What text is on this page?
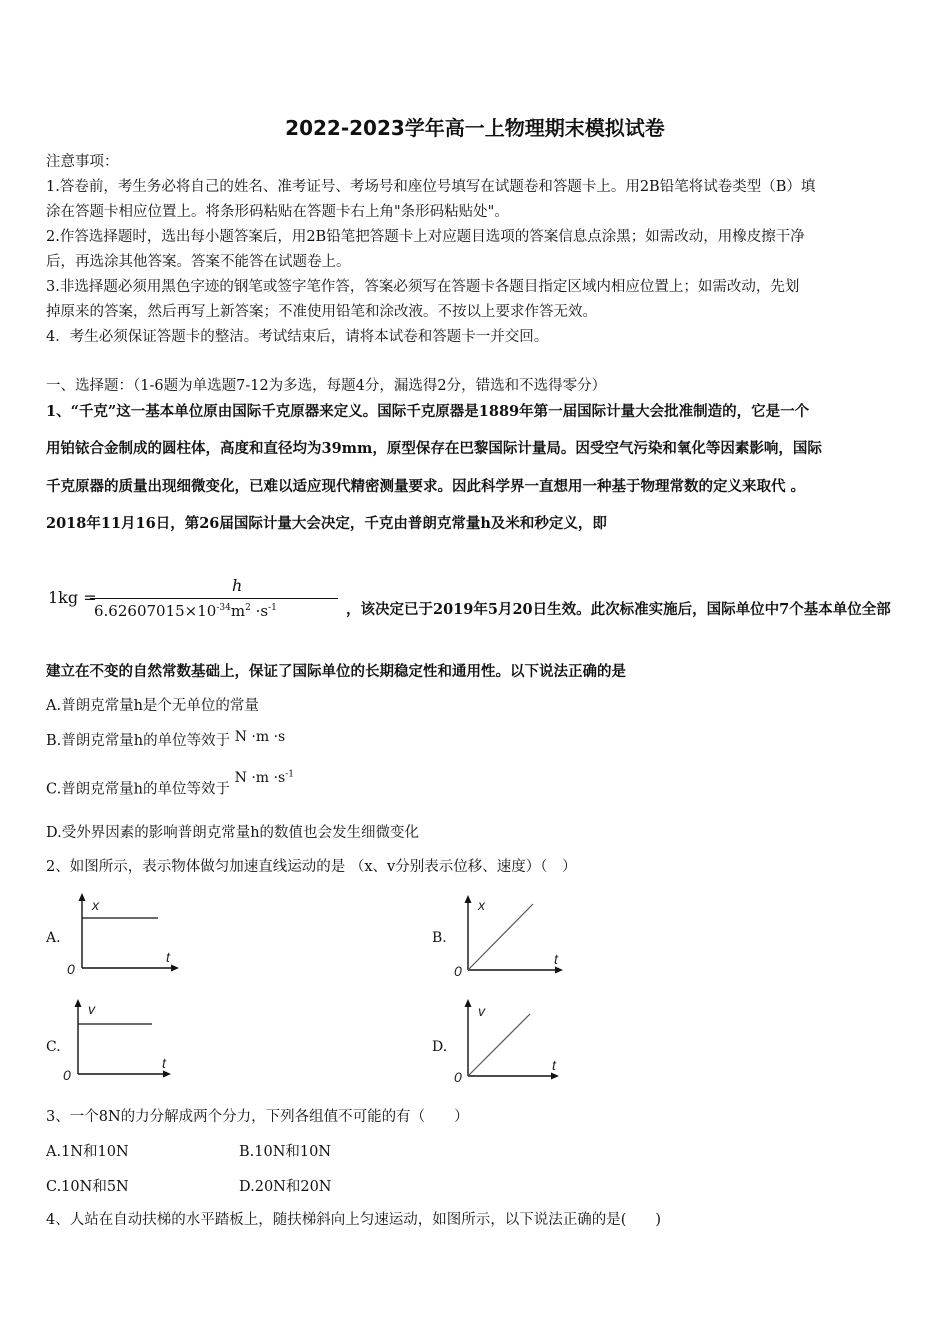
2022-2023学年高一上物理期末模拟试卷
注意事项：
1.答卷前，考生务必将自己的姓名、准考证号、考场号和座位号填写在试题卷和答题卡上。用2B铅笔将试卷类型（B）填
涂在答题卡相应位置上。将条形码粘贴在答题卡右上角"条形码粘贴处"。
2.作答选择题时，选出每小题答案后，用2B铅笔把答题卡上对应题目选项的答案信息点涂黑；如需改动，用橡皮擦干净
后，再选涂其他答案。答案不能答在试题卷上。
3.非选择题必须用黑色字迹的钢笔或签字笔作答，答案必须写在答题卡各题目指定区域内相应位置上；如需改动，先划
掉原来的答案，然后再写上新答案；不准使用铅笔和涂改液。不按以上要求作答无效。
4．考生必须保证答题卡的整洁。考试结束后，请将本试卷和答题卡一并交回。
一、选择题：（1-6题为单选题7-12为多选，每题4分，漏选得2分，错选和不选得零分）
1、“千克”这一基本单位原由国际千克原器来定义。国际千克原器是1889年第一届国际计量大会批准制造的，它是一个
用铂铱合金制成的圆柱体，高度和直径均为39mm，原型保存在巴黎国际计量局。因受空气污染和氧化等因素影响，国际
千克原器的质量出现细微变化，已难以适应现代精密测量要求。因此科学界一直想用一种基于物理常数的定义来取代 。
2018年11月16日，第26届国际计量大会决定，千克由普朗克常量h及米和秒定义，即
1kg =
h
$6.62607015\times 10^{-34}m^2 \cdot s^{-1}$	，该决定已于2019年5月20日生效。此次标准实施后，国际单位中7个基本单位全部
建立在不变的自然常数基础上，保证了国际单位的长期稳定性和通用性。以下说法正确的是
A.普朗克常量h是个无单位的常量
B.普朗克常量h的单位等效于 N ·m ·s
C.普朗克常量h的单位等效于 $N \cdot m \cdot s^{-1}$
D.受外界因素的影响普朗克常量h的数值也会发生细微变化
2、如图所示，表示物体做匀加速直线运动的是 （x、v分别表示位移、速度）（　）
A.
x
t
0
B.
x
t
0
C.
v
t
0
D.
v
t
0
3、一个8N的力分解成两个分力，下列各组值不可能的有（　　）
A.1N和10N	B.10N和10N
C.10N和5N	D.20N和20N
4、人站在自动扶梯的水平踏板上，随扶梯斜向上匀速运动，如图所示，以下说法正确的是(　　)
